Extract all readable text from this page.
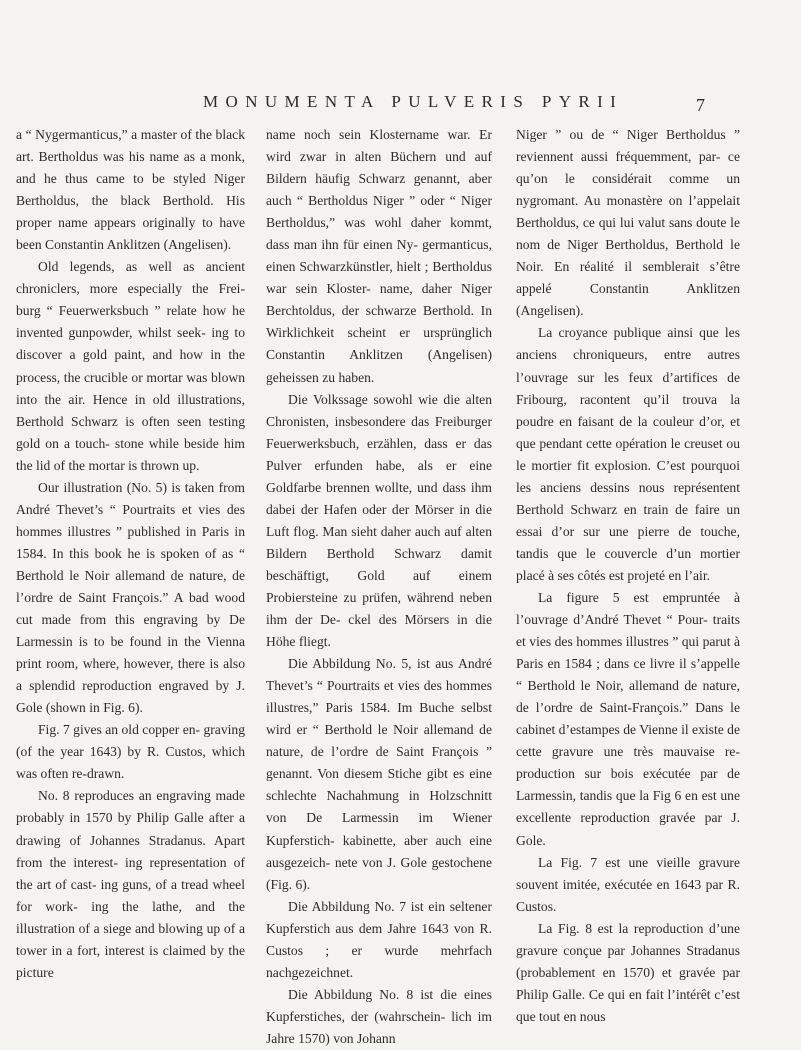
MONUMENTA PULVERIS PYRII	7

a “ Nygermanticus,” a master of the black art. Bertholdus was his name as a monk, and he thus came to be styled Niger Bertholdus, the black Berthold. His proper name appears originally to have been Constantin Anklitzen (Angelisen).

Old legends, as well as ancient chroniclers, more especially the Frei- burg “ Feuerwerksbuch ” relate how he invented gunpowder, whilst seek- ing to discover a gold paint, and how in the process, the crucible or mortar was blown into the air. Hence in old illustrations, Berthold Schwarz is often seen testing gold on a touch- stone while beside him the lid of the mortar is thrown up.

Our illustration (No. 5) is taken from André Thevet’s “ Pourtraits et vies des hommes illustres ” published in Paris in 1584. In this book he is spoken of as “ Berthold le Noir allemand de nature, de l’ordre de Saint François.” A bad wood cut made from this engraving by De Larmessin is to be found in the Vienna print room, where, however, there is also a splendid reproduction engraved by J. Gole (shown in Fig. 6).

Fig. 7 gives an old copper en- graving (of the year 1643) by R. Custos, which was often re-drawn.

No. 8 reproduces an engraving made probably in 1570 by Philip Galle after a drawing of Johannes Stradanus. Apart from the interest- ing representation of the art of cast- ing guns, of a tread wheel for work- ing the lathe, and the illustration of a siege and blowing up of a tower in a fort, interest is claimed by the picture

name noch sein Klostername war. Er wird zwar in alten Büchern und auf Bildern häufig Schwarz genannt, aber auch “ Bertholdus Niger ” oder “ Niger Bertholdus,” was wohl daher kommt, dass man ihn für einen Ny- germanticus, einen Schwarzkünstler, hielt ; Bertholdus war sein Kloster- name, daher Niger Berchtoldus, der schwarze Berthold. In Wirklichkeit scheint er ursprünglich Constantin Anklitzen (Angelisen) geheissen zu haben.

Die Volkssage sowohl wie die alten Chronisten, insbesondere das Freiburger Feuerwerksbuch, erzählen, dass er das Pulver erfunden habe, als er eine Goldfarbe brennen wollte, und dass ihm dabei der Hafen oder der Mörser in die Luft flog. Man sieht daher auch auf alten Bildern Berthold Schwarz damit beschäftigt, Gold auf einem Probiersteine zu prüfen, während neben ihm der De- ckel des Mörsers in die Höhe fliegt.

Die Abbildung No. 5, ist aus André Thevet’s “ Pourtraits et vies des hommes illustres,” Paris 1584. Im Buche selbst wird er “ Berthold le Noir allemand de nature, de l’ordre de Saint François ” genannt. Von diesem Stiche gibt es eine schlechte Nachahmung in Holzschnitt von De Larmessin im Wiener Kupferstich- kabinette, aber auch eine ausgezeich- nete von J. Gole gestochene (Fig. 6).

Die Abbildung No. 7 ist ein seltener Kupferstich aus dem Jahre 1643 von R. Custos ; er wurde mehrfach nachgezeichnet.

Die Abbildung No. 8 ist die eines Kupferstiches, der (wahrschein- lich im Jahre 1570) von Johann

Niger ” ou de “ Niger Bertholdus ” reviennent aussi fréquemment, par- ce qu’on le considérait comme un nygromant. Au monastère on l’appelait Bertholdus, ce qui lui valut sans doute le nom de Niger Bertholdus, Berthold le Noir. En réalité il semblerait s’être appelé Constantin Anklitzen (Angelisen).

La croyance publique ainsi que les anciens chroniqueurs, entre autres l’ouvrage sur les feux d’artifices de Fribourg, racontent qu’il trouva la poudre en faisant de la couleur d’or, et que pendant cette opération le creuset ou le mortier fit explosion. C’est pourquoi les anciens dessins nous représentent Berthold Schwarz en train de faire un essai d’or sur une pierre de touche, tandis que le couvercle d’un mortier placé à ses côtés est projeté en l’air.

La figure 5 est empruntée à l’ouvrage d’André Thevet “ Pour- traits et vies des hommes illustres ” qui parut à Paris en 1584 ; dans ce livre il s’appelle “ Berthold le Noir, allemand de nature, de l’ordre de Saint-François.” Dans le cabinet d’estampes de Vienne il existe de cette gravure une très mauvaise re- production sur bois exécutée par de Larmessin, tandis que la Fig 6 en est une excellente reproduction gravée par J. Gole.

La Fig. 7 est une vieille gravure souvent imitée, exécutée en 1643 par R. Custos.

La Fig. 8 est la reproduction d’une gravure conçue par Johannes Stradanus (probablement en 1570) et gravée par Philip Galle. Ce qui en fait l’intérêt c’est que tout en nous
